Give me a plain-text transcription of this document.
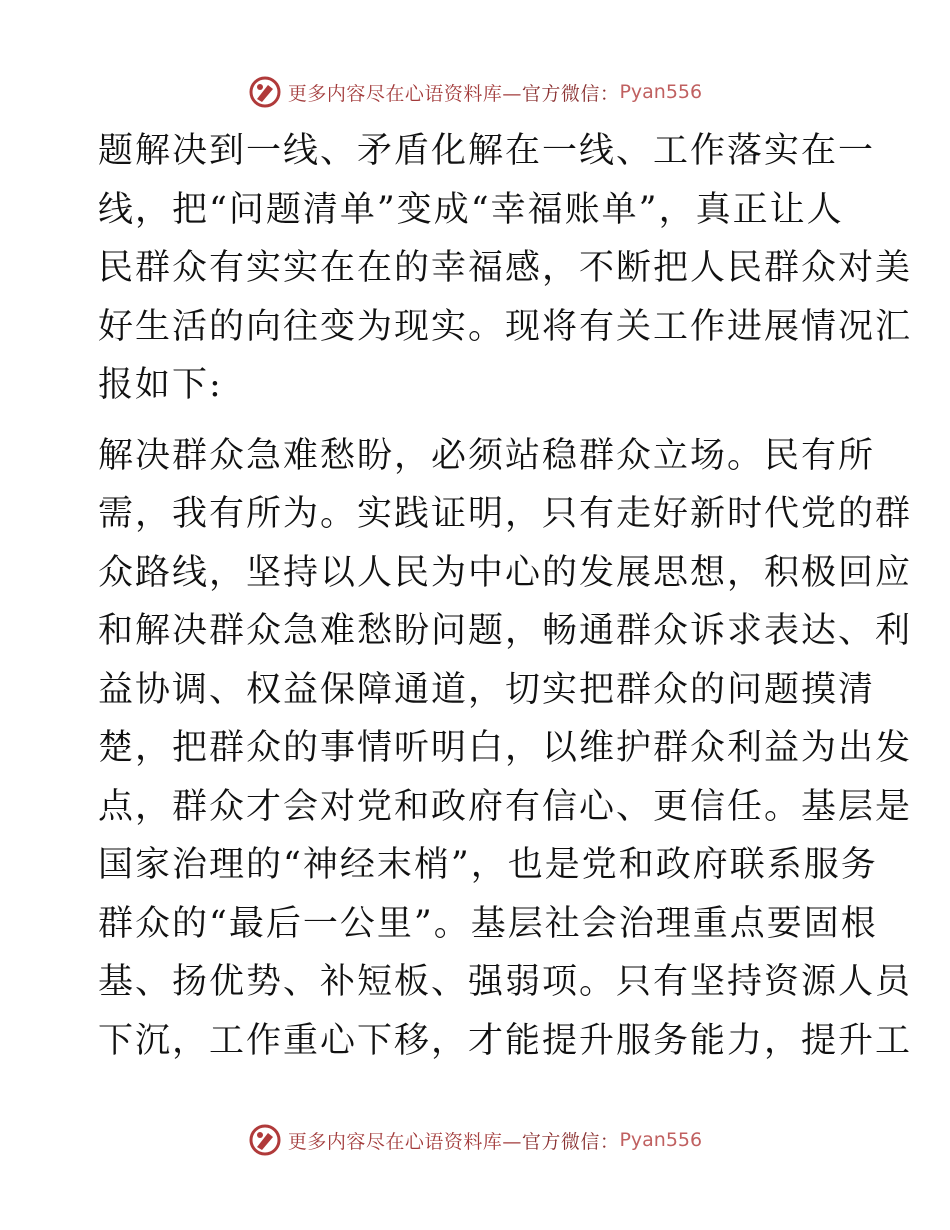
更多内容尽在心语资料库— 官方微信： Pyan556
题解决到一线、矛盾化解在一线、工作落实在一
线，把“问题清单”变成“幸福账单”，真正让人
民群众有实实在在的幸福感，不断把人民群众对美
好生活的向往变为现实。现将有关工作进展情况汇
报如下:
解决群众急难愁盼，必须站稳群众立场。民有所
需，我有所为。实践证明，只有走好新时代党的群
众路线，坚持以人民为中心的发展思想，积极回应
和解决群众急难愁盼问题，畅通群众诉求表达、利
益协调、权益保障通道，切实把群众的问题摸清
楚，把群众的事情听明白，以维护群众利益为出发
点，群众才会对党和政府有信心、更信任。基层是
国家治理的“神经末梢”，也是党和政府联系服务
群众的“最后一公里”。基层社会治理重点要固根
基、扬优势、补短板、强弱项。只有坚持资源人员
下沉，工作重心下移，才能提升服务能力，提升工
更多内容尽在心语资料库— 官方微信： Pyan556
